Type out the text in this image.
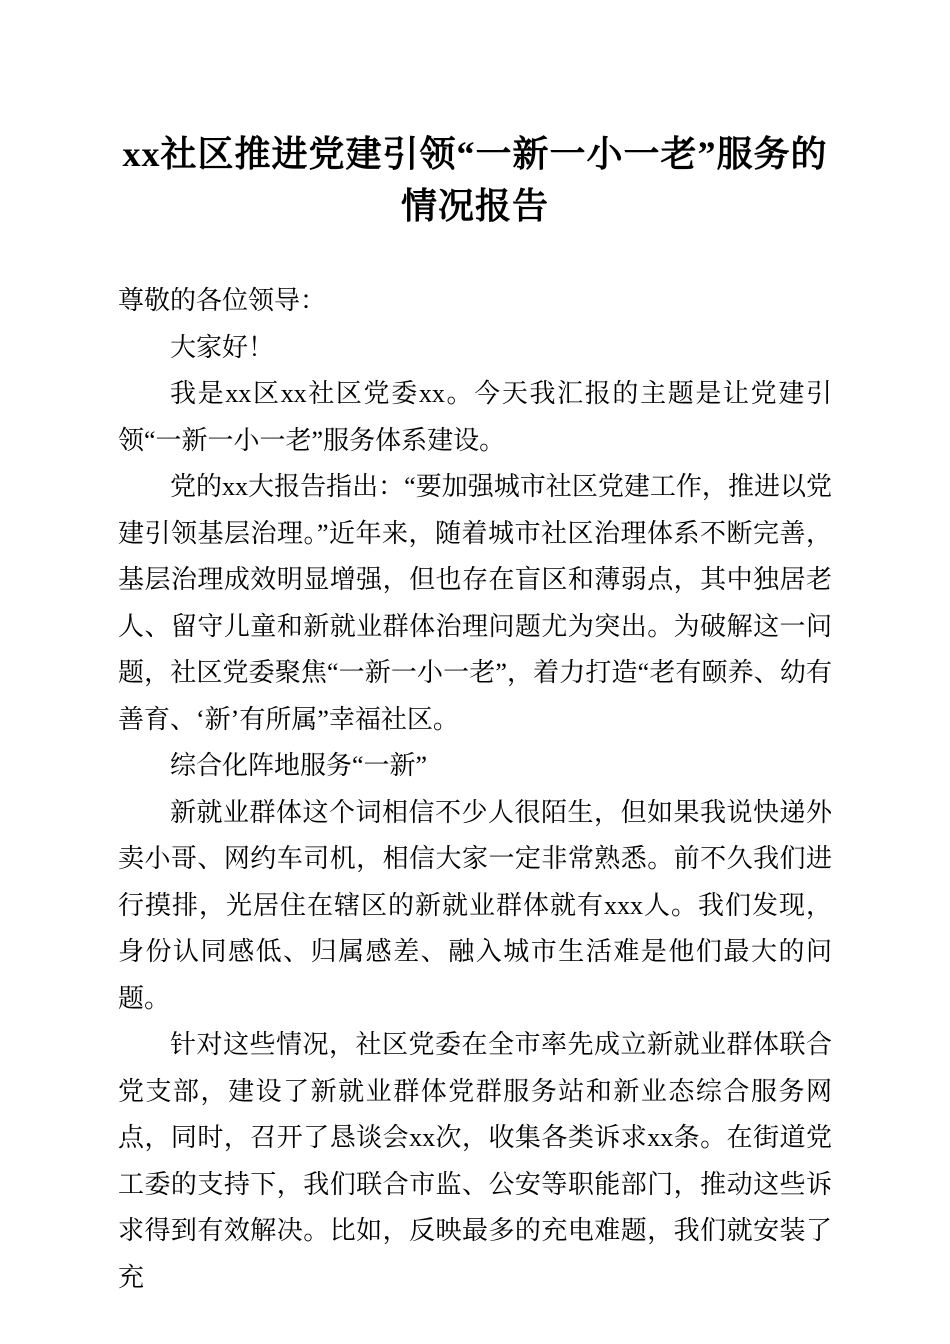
xx社区推进党建引领“一新一小一老”服务的情况报告

尊敬的各位领导：

大家好！

我是xx区xx社区党委xx。今天我汇报的主题是让党建引领“一新一小一老”服务体系建设。

党的xx大报告指出：“要加强城市社区党建工作，推进以党建引领基层治理。”近年来，随着城市社区治理体系不断完善，基层治理成效明显增强，但也存在盲区和薄弱点，其中独居老人、留守儿童和新就业群体治理问题尤为突出。为破解这一问题，社区党委聚焦“一新一小一老”，着力打造“老有颐养、幼有善育、‘新’有所属”幸福社区。

综合化阵地服务“一新”

新就业群体这个词相信不少人很陌生，但如果我说快递外卖小哥、网约车司机，相信大家一定非常熟悉。前不久我们进行摸排，光居住在辖区的新就业群体就有xxx人。我们发现，身份认同感低、归属感差、融入城市生活难是他们最大的问题。

针对这些情况，社区党委在全市率先成立新就业群体联合党支部，建设了新就业群体党群服务站和新业态综合服务网点，同时，召开了恳谈会xx次，收集各类诉求xx条。在街道党工委的支持下，我们联合市监、公安等职能部门，推动这些诉求得到有效解决。比如，反映最多的充电难题，我们就安装了充
